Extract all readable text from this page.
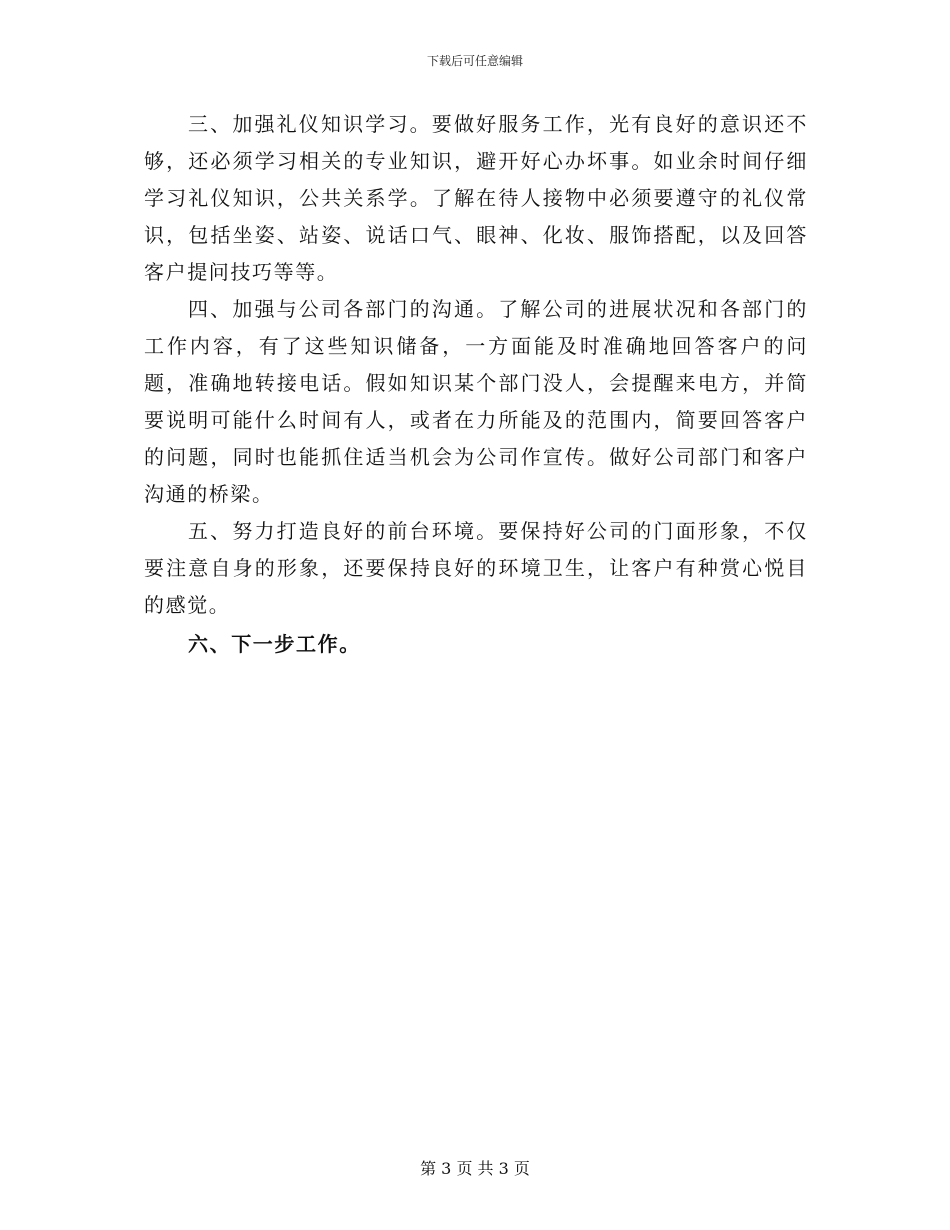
下载后可任意编辑

三、加强礼仪知识学习。要做好服务工作，光有良好的意识还不够，还必须学习相关的专业知识，避开好心办坏事。如业余时间仔细学习礼仪知识，公共关系学。了解在待人接物中必须要遵守的礼仪常识，包括坐姿、站姿、说话口气、眼神、化妆、服饰搭配，以及回答客户提问技巧等等。

四、加强与公司各部门的沟通。了解公司的进展状况和各部门的工作内容，有了这些知识储备，一方面能及时准确地回答客户的问题，准确地转接电话。假如知识某个部门没人，会提醒来电方，并简要说明可能什么时间有人，或者在力所能及的范围内，简要回答客户的问题，同时也能抓住适当机会为公司作宣传。做好公司部门和客户沟通的桥梁。

五、努力打造良好的前台环境。要保持好公司的门面形象，不仅要注意自身的形象，还要保持良好的环境卫生，让客户有种赏心悦目的感觉。

六、下一步工作。

第 3 页 共 3 页
